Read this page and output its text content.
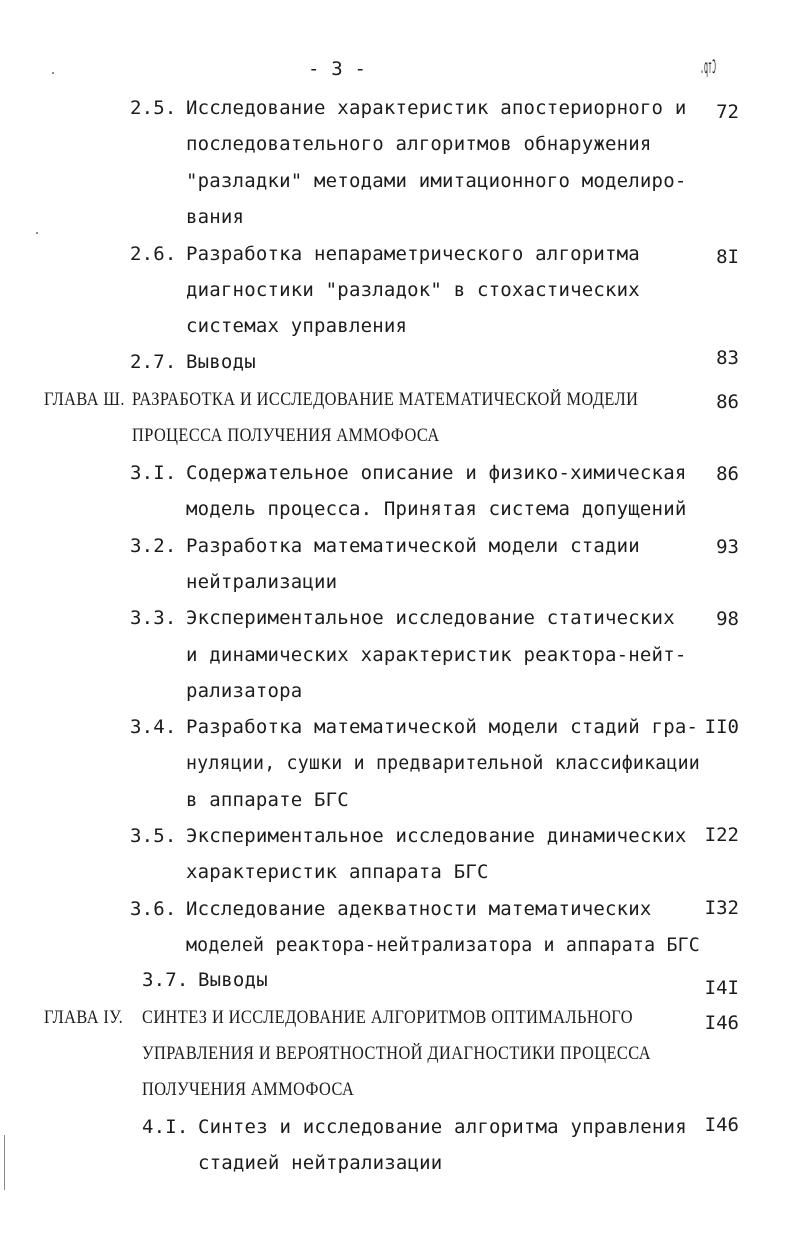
- 3 -	Стр.
2.5. Исследование характеристик апостериорного и
последовательного алгоритмов обнаружения
"разладки" методами имитационного моделиро-
вания
72
2.6. Разработка непараметрического алгоритма
диагностики "разладок" в стохастических
системах управления
8I
2.7. Выводы	83
ГЛАВА Ш. РАЗРАБОТКА И ИССЛЕДОВАНИЕ МАТЕМАТИЧЕСКОЙ МОДЕЛИ
ПРОЦЕССА ПОЛУЧЕНИЯ АММОФОСА
86
3.I. Содержательное описание и физико-химическая
модель процесса. Принятая система допущений
86
3.2. Разработка математической модели стадии
нейтрализации
93
3.3. Экспериментальное исследование статических
и динамических характеристик реактора-нейт-
рализатора
98
3.4. Разработка математической модели стадий гра-
нуляции, сушки и предварительной классификации
в аппарате БГС
II0
3.5. Экспериментальное исследование динамических
характеристик аппарата БГС
I22
3.6. Исследование адекватности математических
моделей реактора-нейтрализатора и аппарата БГС
I32
3.7. Выводы	I4I
ГЛАВА IУ. СИНТЕЗ И ИССЛЕДОВАНИЕ АЛГОРИТМОВ ОПТИМАЛЬНОГО
УПРАВЛЕНИЯ И ВЕРОЯТНОСТНОЙ ДИАГНОСТИКИ ПРОЦЕССА
ПОЛУЧЕНИЯ АММОФОСА
I46
4.I. Синтез и исследование алгоритма управления
стадией нейтрализации
I46
